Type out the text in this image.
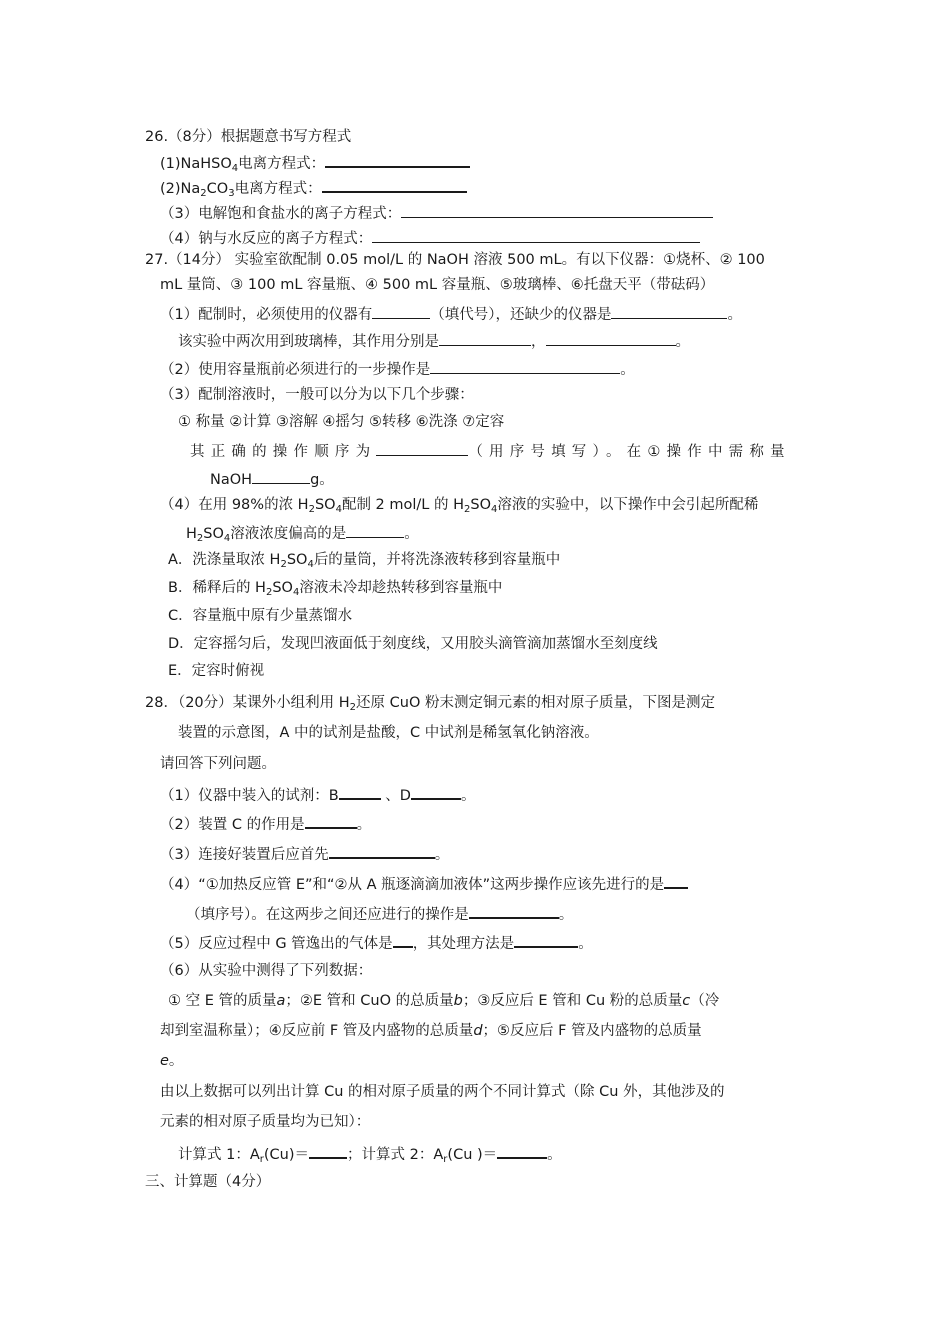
26.（8分）根据题意书写方程式
(1)NaHSO$_4$电离方程式：
$(2)Na_2CO_3$电离方程式：
（3）电解饱和食盐水的离子方程式：
（4）钠与水反应的离子方程式：
27.（14分） 实验室欲配制 0.05 mol/L 的 NaOH 溶液 500 mL。有以下仪器：①烧杯、② 100
mL 量筒、③ 100 mL 容量瓶、④ 500 mL 容量瓶、⑤玻璃棒、⑥托盘天平（带砝码）
（1）配制时，必须使用的仪器有	（填代号），还缺少的仪器是	。
该实验中两次用到玻璃棒，其作用分别是	，	。
（2）使用容量瓶前必须进行的一步操作是	。
（3）配制溶液时，一般可以分为以下几个步骤：
① 称量 ②计算 ③溶解 ④摇匀 ⑤转移 ⑥洗涤 ⑦定容
其正确的操作顺序为	（用序号填写）。在①操作中需称量
NaOH	g。
（4）在用 98%的浓 $H_2SO_4$配制 2 mol/L 的 $H_2SO_4$溶液的实验中，以下操作中会引起所配稀
$H_2SO_4$溶液浓度偏高的是	。
A．洗涤量取浓 $H_2SO_4$后的量筒，并将洗涤液转移到容量瓶中
B．稀释后的 $H_2SO_4$溶液未冷却趁热转移到容量瓶中
C．容量瓶中原有少量蒸馏水
D．定容摇匀后，发现凹液面低于刻度线，又用胶头滴管滴加蒸馏水至刻度线
E．定容时俯视
28．（20分）某课外小组利用 $H_2$还原 CuO 粉末测定铜元素的相对原子质量，下图是测定
装置的示意图，A 中的试剂是盐酸，C 中试剂是稀氢氧化钠溶液。
请回答下列问题。
（1）仪器中装入的试剂：B	、D	。
（2）装置 C 的作用是	。
（3）连接好装置后应首先	。
（4）“①加热反应管 E”和“②从 A 瓶逐滴滴加液体”这两步操作应该先进行的是
（填序号）。在这两步之间还应进行的操作是	。
（5）反应过程中 G 管逸出的气体是 ，其处理方法是	。
（6）从实验中测得了下列数据：
① 空 E 管的质量a；②E 管和 CuO 的总质量b；③反应后 E 管和 Cu 粉的总质量c（冷
却到室温称量）；④反应前 F 管及内盛物的总质量d；⑤反应后 F 管及内盛物的总质量
e。
由以上数据可以列出计算 Cu 的相对原子质量的两个不同计算式（除 Cu 外，其他涉及的
元素的相对原子质量均为已知）：
计算式 1：$A_r(Cu)=$	；计算式 2：$A_r(Cu$ )＝	。
三、计算题（4分）
